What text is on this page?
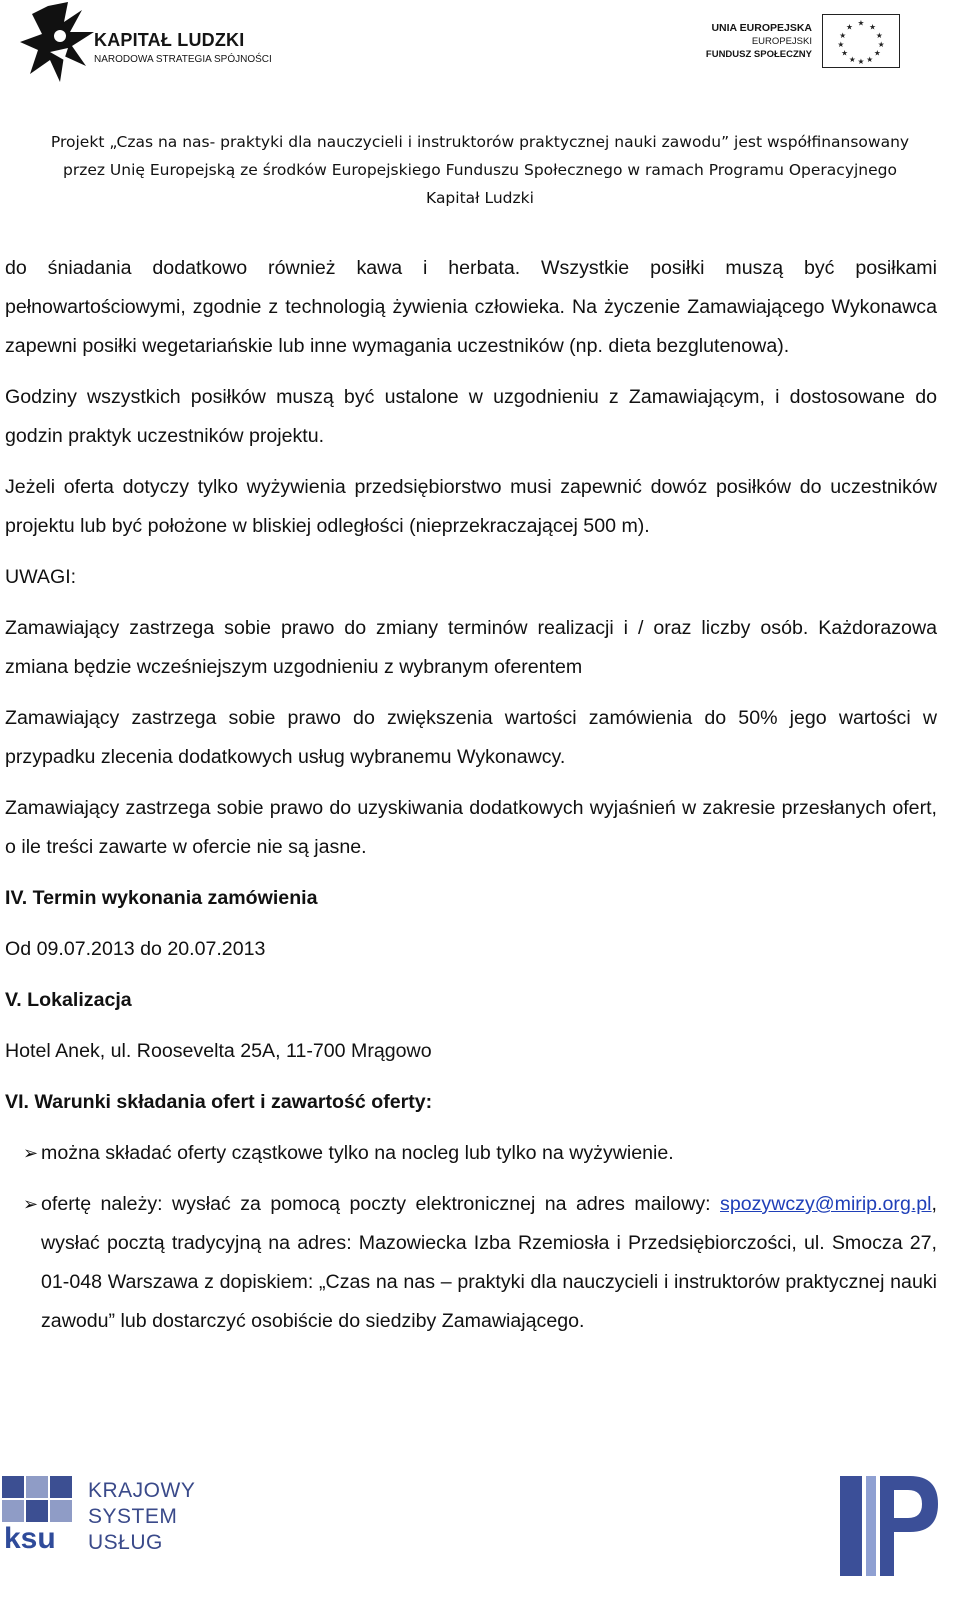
KAPITAŁ LUDZKI
NARODOWA STRATEGIA SPÓJNOŚCI
UNIA EUROPEJSKA
EUROPEJSKI
FUNDUSZ SPOŁECZNY
★ ★
★
★
★
★
★
★
★
★
★
★
Projekt „Czas na nas- praktyki dla nauczycieli i instruktorów praktycznej nauki zawodu” jest współfinansowany
przez Unię Europejską ze środków Europejskiego Funduszu Społecznego w ramach Programu Operacyjnego
Kapitał Ludzki

do śniadania dodatkowo również kawa i herbata. Wszystkie posiłki muszą być posiłkami pełnowartościowymi, zgodnie z technologią żywienia człowieka. Na życzenie Zamawiającego Wykonawca zapewni posiłki wegetariańskie lub inne wymagania uczestników (np. dieta bezglutenowa).

Godziny wszystkich posiłków muszą być ustalone w uzgodnieniu z Zamawiającym, i dostosowane do godzin praktyk uczestników projektu.

Jeżeli oferta dotyczy tylko wyżywienia przedsiębiorstwo musi zapewnić dowóz posiłków do uczestników projektu lub być położone w bliskiej odległości (nieprzekraczającej 500 m).

UWAGI:

Zamawiający zastrzega sobie prawo do zmiany terminów realizacji i / oraz liczby osób. Każdorazowa zmiana będzie wcześniejszym uzgodnieniu z wybranym oferentem

Zamawiający zastrzega sobie prawo do zwiększenia wartości zamówienia do 50% jego wartości w przypadku zlecenia dodatkowych usług wybranemu Wykonawcy.

Zamawiający zastrzega sobie prawo do uzyskiwania dodatkowych wyjaśnień w zakresie przesłanych ofert, o ile treści zawarte w ofercie nie są jasne.

IV. Termin wykonania zamówienia

Od 09.07.2013 do 20.07.2013

V. Lokalizacja

Hotel Anek, ul. Roosevelta 25A, 11-700 Mrągowo

VI. Warunki składania ofert i zawartość oferty:

➢ można składać oferty cząstkowe tylko na nocleg lub tylko na wyżywienie.

➢ ofertę należy: wysłać za pomocą poczty elektronicznej na adres mailowy: spozywczy@mirip.org.pl, wysłać pocztą tradycyjną na adres: Mazowiecka Izba Rzemiosła i Przedsiębiorczości, ul. Smocza 27, 01-048 Warszawa z dopiskiem: „Czas na nas – praktyki dla nauczycieli i instruktorów praktycznej nauki zawodu” lub dostarczyć osobiście do siedziby Zamawiającego.

ksu
KRAJOWY
SYSTEM
USŁUG
